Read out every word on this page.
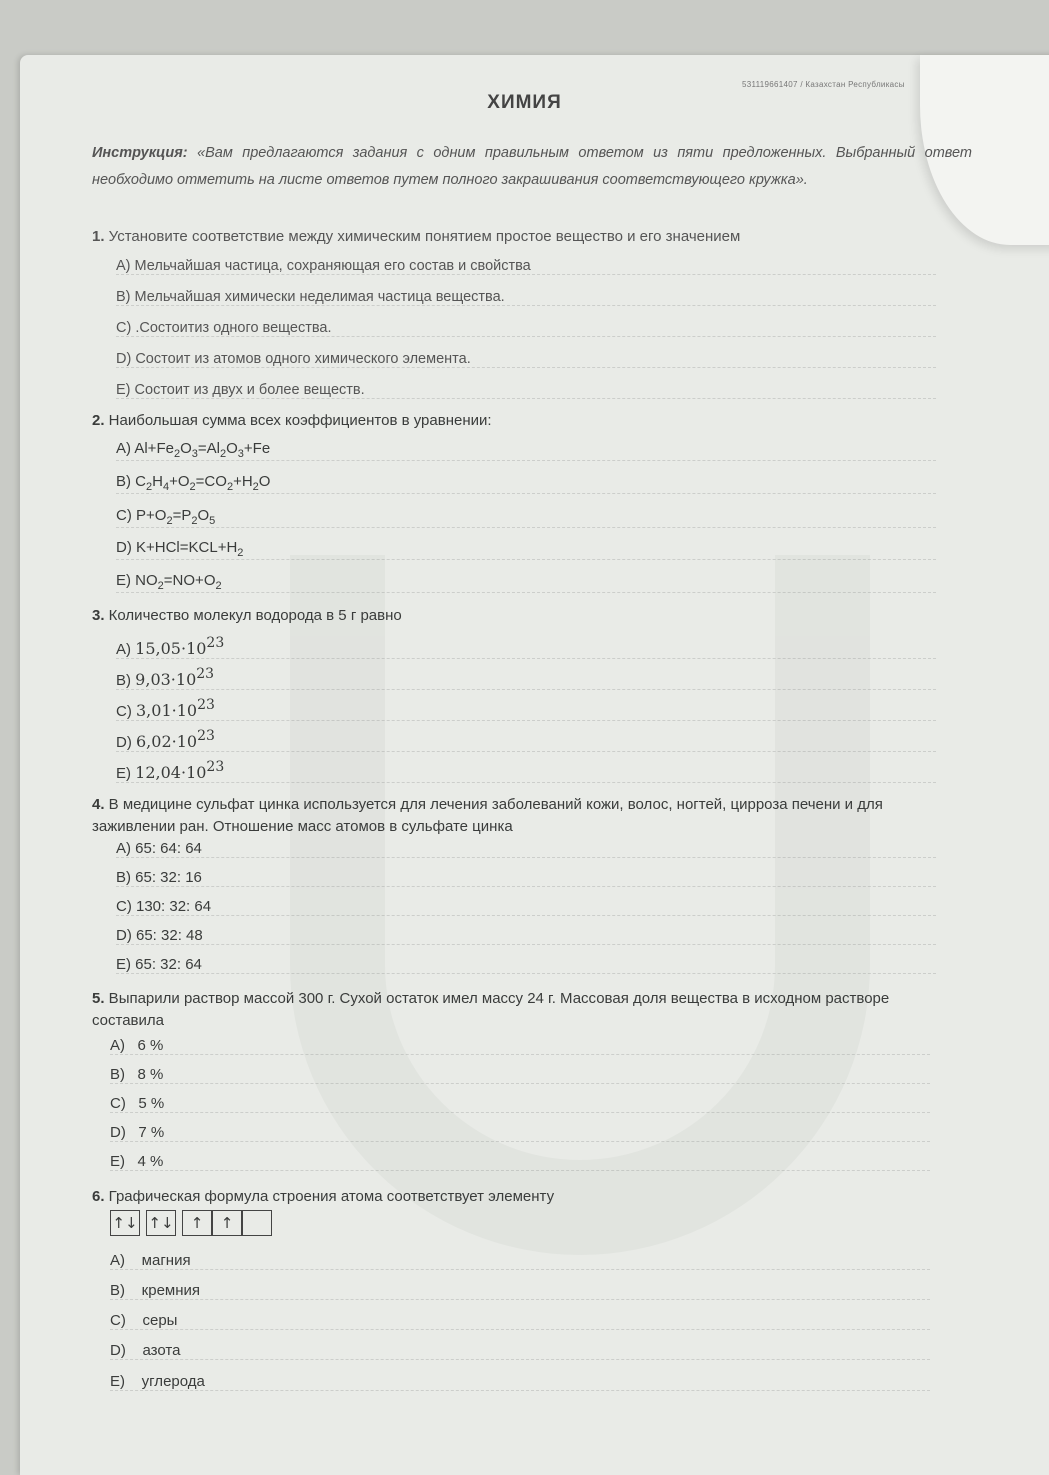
531119661407 / Казахстан Республикасы
ХИМИЯ
Инструкция: «Вам предлагаются задания с одним правильным ответом из пяти предложенных. Выбранный ответ необходимо отметить на листе ответов путем полного закрашивания соответствующего кружка».
1. Установите соответствие между химическим понятием простое вещество и его значением
A) Мельчайшая частица, сохраняющая его состав и свойства
B) Мельчайшая химически неделимая частица вещества.
C) .Состоитиз одного вещества.
D) Состоит из атомов одного химического элемента.
E) Состоит из двух и более веществ.
2. Наибольшая сумма всех коэффициентов в уравнении:
A) $Al+Fe_2O_3=Al_2O_3+Fe$
B) $C_2H_4+O_2=CO_2+H_2O$
C) $P+O_2=P_2O_5$
D) $K+HCl=KCL+H_2$
E) $NO_2=NO+O_2$
3. Количество молекул водорода в 5 г равно
A) $15,05\cdot 10^{23}$
B) $9,03\cdot 10^{23}$
C) $3,01\cdot 10^{23}$
D) $6,02\cdot 10^{23}$
E) $12,04\cdot 10^{23}$
4. В медицине сульфат цинка используется для лечения заболеваний кожи, волос, ногтей, цирроза печени и для заживлении ран. Отношение масс атомов в сульфате цинка
A) 65: 64: 64
B) 65: 32: 16
C) 130: 32: 64
D) 65: 32: 48
E) 65: 32: 64
5. Выпарили раствор массой 300 г. Сухой остаток имел массу 24 г. Массовая доля вещества в исходном растворе составила
A)   6 %
B)   8 %
C)   5 %
D)   7 %
E)   4 %
6. Графическая формула строения атома соответствует элементу
↑↓ ↑↓	↑	↑
A)    магния
B)    кремния
C)    серы
D)    азота
E)    углерода
